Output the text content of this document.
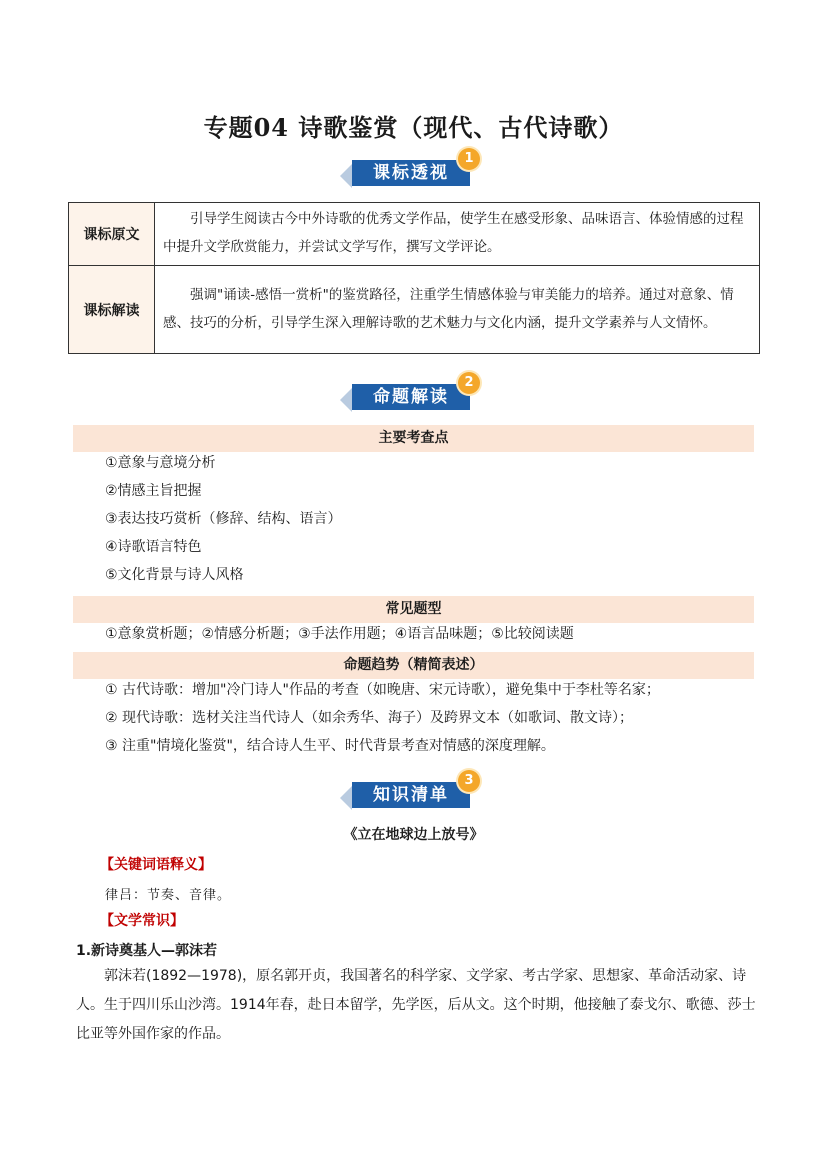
专题04 诗歌鉴赏（现代、古代诗歌）
课标透视
1
课标原文	引导学生阅读古今中外诗歌的优秀文学作品，使学生在感受形象、品味语言、体验情感的过程中提升文学欣赏能力，并尝试文学写作，撰写文学评论。
课标解读	强调"诵读-感悟一赏析"的鉴赏路径，注重学生情感体验与审美能力的培养。通过对意象、情感、技巧的分析，引导学生深入理解诗歌的艺术魅力与文化内涵，提升文学素养与人文情怀。
命题解读
2
主要考查点
①意象与意境分析
②情感主旨把握
③表达技巧赏析（修辞、结构、语言）
④诗歌语言特色
⑤文化背景与诗人风格
常见题型
①意象赏析题；②情感分析题；③手法作用题；④语言品味题；⑤比较阅读题
命题趋势（精简表述）
① 古代诗歌：增加"冷门诗人"作品的考查（如晚唐、宋元诗歌），避免集中于李杜等名家；
② 现代诗歌：选材关注当代诗人（如余秀华、海子）及跨界文本（如歌词、散文诗）；
③ 注重"情境化鉴赏"，结合诗人生平、时代背景考查对情感的深度理解。
知识清单
3
《立在地球边上放号》
【关键词语释义】
律吕：节奏、音律。
【文学常识】
1.新诗奠基人—郭沫若
郭沫若(1892—1978)，原名郭开贞，我国著名的科学家、文学家、考古学家、思想家、革命活动家、诗人。生于四川乐山沙湾。1914年春，赴日本留学，先学医，后从文。这个时期，他接触了泰戈尔、歌德、莎士比亚等外国作家的作品。
